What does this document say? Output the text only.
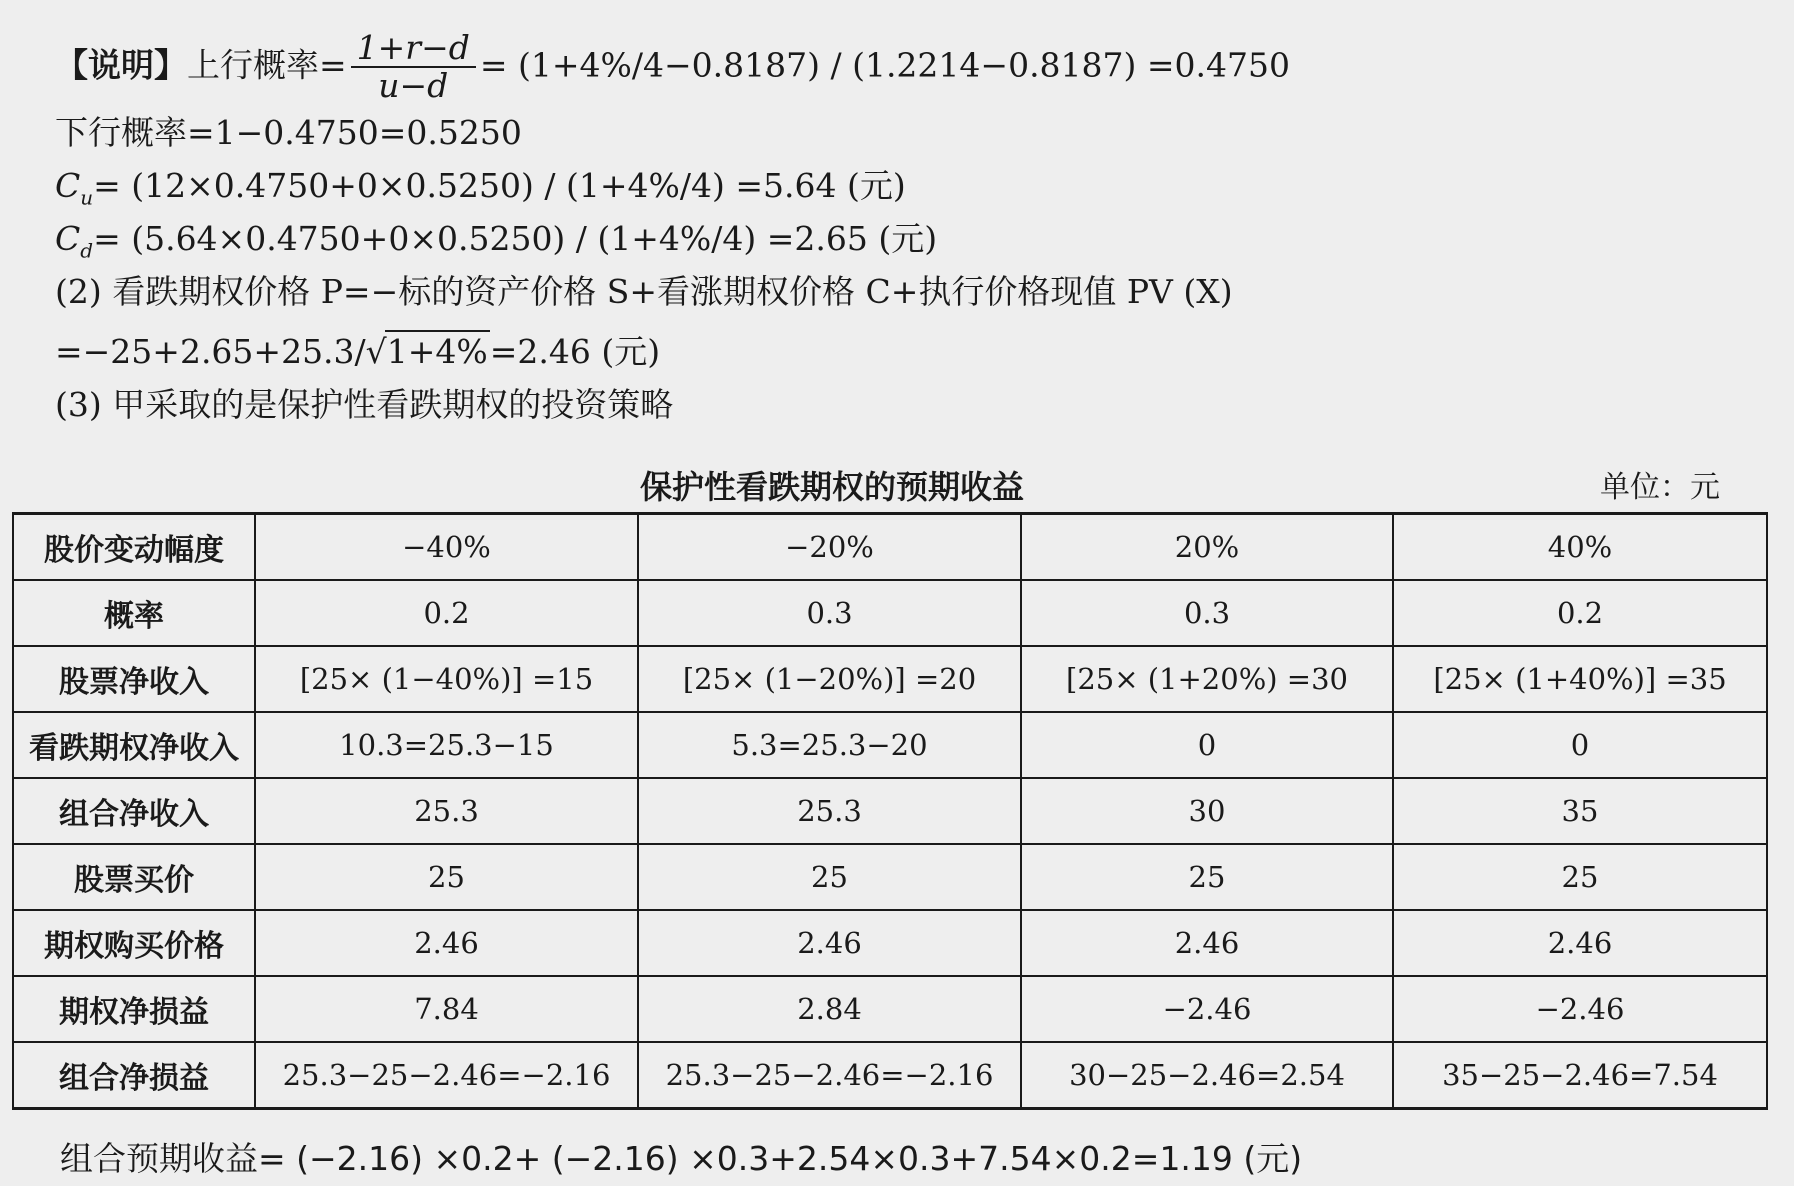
【说明】上行概率= $\frac{1+r-d}{u-d} = (1+4\%/4-0.8187) / (1.2214-0.8187) =0.4750$
下行概率=1−0.4750=0.5250
$C_u= (12\times 0.4750+0\times 0.5250) / (1+4\%/4) =5.64$ (元)
$C_d= (5.64\times 0.4750+0\times 0.5250) / (1+4\%/4) =2.65$ (元)
(2) 看跌期权价格 P=−标的资产价格 S+看涨期权价格 C+执行价格现值 PV (X)
=−25+2.65+25.3/√1+4%=2.46 (元)
(3) 甲采取的是保护性看跌期权的投资策略
保护性看跌期权的预期收益	单位：元
股价变动幅度	−40%	−20%	20%	40%
概率	0.2	0.3	0.3	0.2
股票净收入	[25× (1−40%)] =15	[25× (1−20%)] =20	[25× (1+20%) =30	[25× (1+40%)] =35
看跌期权净收入	10.3=25.3−15	5.3=25.3−20	0	0
组合净收入	25.3	25.3	30	35
股票买价	25	25	25	25
期权购买价格	2.46	2.46	2.46	2.46
期权净损益	7.84	2.84	−2.46	−2.46
组合净损益	25.3−25−2.46=−2.16	25.3−25−2.46=−2.16	30−25−2.46=2.54	35−25−2.46=7.54
组合预期收益= (−2.16) ×0.2+ (−2.16) ×0.3+2.54×0.3+7.54×0.2=1.19 (元)
